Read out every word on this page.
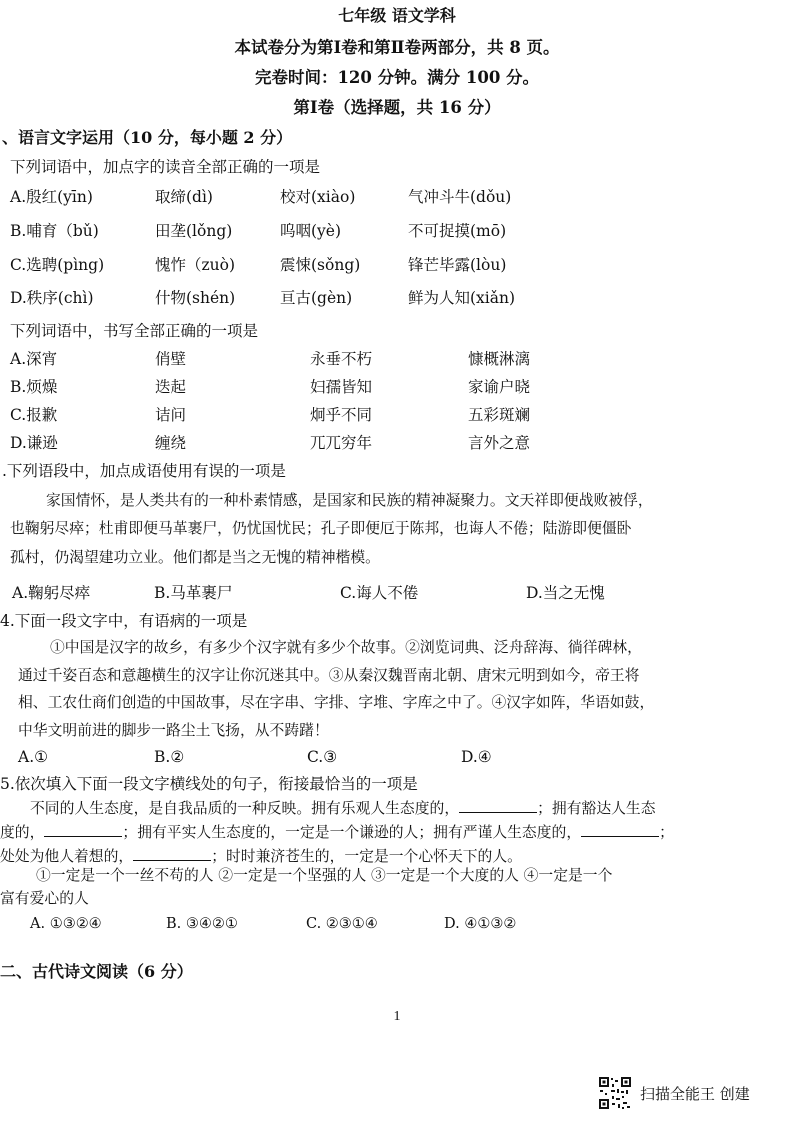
七年级 语文学科
本试卷分为第Ⅰ卷和第Ⅱ卷两部分，共 8 页。
完卷时间：120 分钟。满分 100 分。
第Ⅰ卷（选择题，共 16 分）
、语言文字运用（10 分，每小题 2 分）
下列词语中，加点字的读音全部正确的一项是
A.殷红(yīn)	取缔(dì)	校对(xiào)	气冲斗牛(dǒu)
B.哺育（bǔ)	田垄(lǒng)	呜咽(yè)	不可捉摸(mō)
C.选聘(pìng)	愧怍（zuò)	震悚(sǒng)	锋芒毕露(lòu)
D.秩序(chì)	什物(shén)	亘古(gèn)	鲜为人知(xiǎn)
下列词语中，书写全部正确的一项是
A.深宵	俏壁	永垂不朽	慷概淋漓
B.烦燥	迭起	妇孺皆知	家谕户晓
C.报歉	诘问	炯乎不同	五彩斑斓
D.谦逊	缠绕	兀兀穷年	言外之意
.下列语段中，加点成语使用有误的一项是
家国情怀，是人类共有的一种朴素情感，是国家和民族的精神凝聚力。文天祥即便战败被俘，
也鞠躬尽瘁；杜甫即便马革裹尸，仍忧国忧民；孔子即便厄于陈邦，也诲人不倦；陆游即便僵卧
孤村，仍渴望建功立业。他们都是当之无愧的精神楷模。
A.鞠躬尽瘁	B.马革裹尸	C.诲人不倦	D.当之无愧
4.下面一段文字中，有语病的一项是
①中国是汉字的故乡，有多少个汉字就有多少个故事。②浏览词典、泛舟辞海、徜徉碑林，
通过千姿百态和意趣横生的汉字让你沉迷其中。③从秦汉魏晋南北朝、唐宋元明到如今，帝王将
相、工农仕商们创造的中国故事，尽在字串、字排、字堆、字库之中了。④汉字如阵，华语如鼓，
中华文明前进的脚步一路尘土飞扬，从不踌躇！
A.①	B.②	C.③	D.④
5.依次填入下面一段文字横线处的句子，衔接最恰当的一项是
不同的人生态度，是自我品质的一种反映。拥有乐观人生态度的，	；拥有豁达人生态
度的，	；拥有平实人生态度的，一定是一个谦逊的人；拥有严谨人生态度的，	；
处处为他人着想的，	；时时兼济苍生的，一定是一个心怀天下的人。
①一定是一个一丝不苟的人 ②一定是一个坚强的人 ③一定是一个大度的人 ④一定是一个
富有爱心的人
A. ①③②④	B. ③④②①	C. ②③①④	D. ④①③②
二、古代诗文阅读（6 分）
1
扫描全能王 创建
